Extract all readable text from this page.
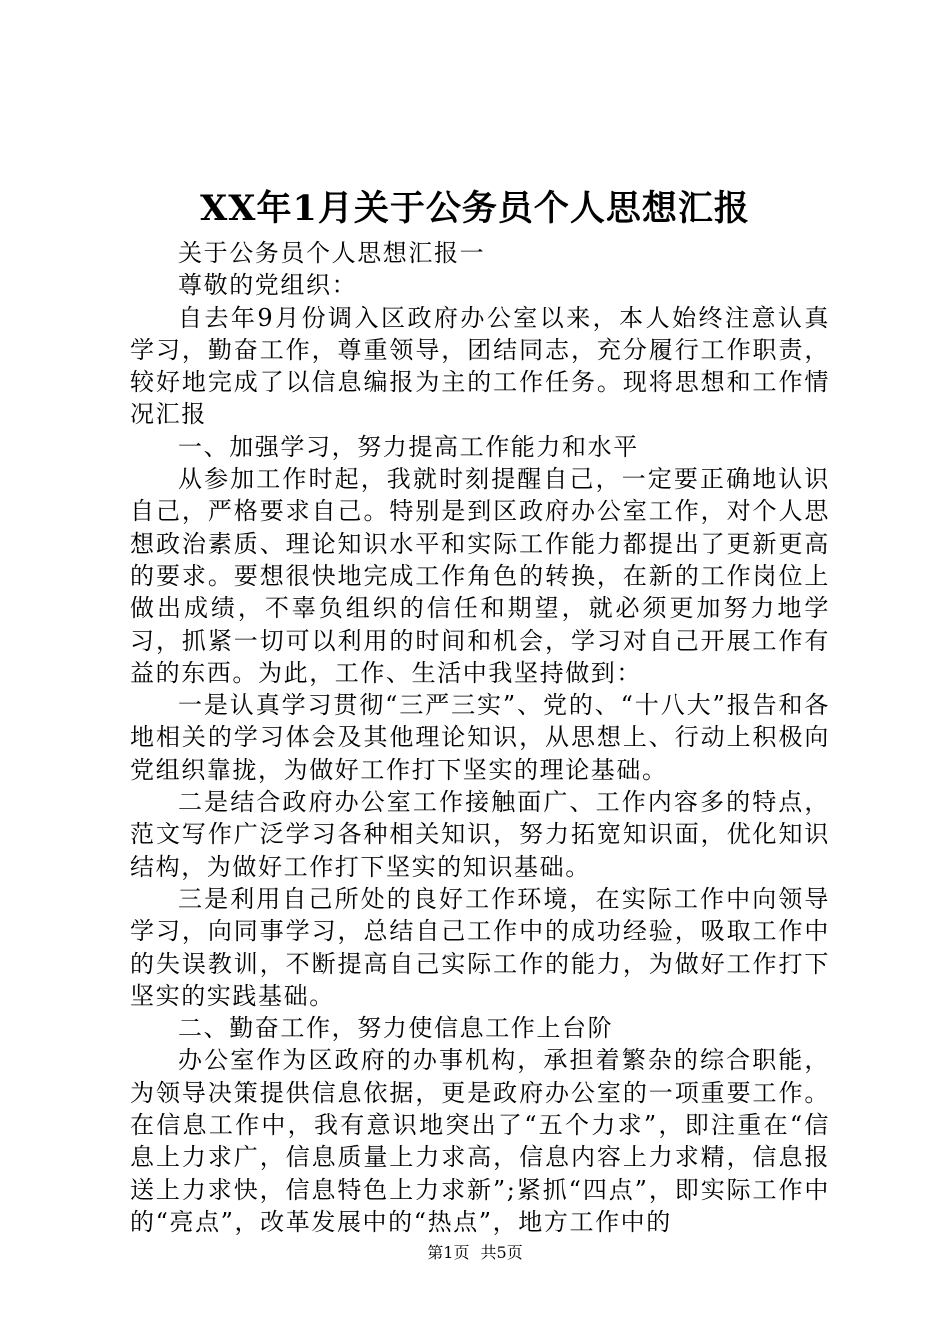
XX年1月关于公务员个人思想汇报

关于公务员个人思想汇报一

尊敬的党组织：

自去年9月份调入区政府办公室以来，本人始终注意认真学习，勤奋工作，尊重领导，团结同志，充分履行工作职责，较好地完成了以信息编报为主的工作任务。现将思想和工作情况汇报

一、加强学习，努力提高工作能力和水平

从参加工作时起，我就时刻提醒自己，一定要正确地认识自己，严格要求自己。特别是到区政府办公室工作，对个人思想政治素质、理论知识水平和实际工作能力都提出了更新更高的要求。要想很快地完成工作角色的转换，在新的工作岗位上做出成绩，不辜负组织的信任和期望，就必须更加努力地学习，抓紧一切可以利用的时间和机会，学习对自己开展工作有益的东西。为此，工作、生活中我坚持做到：

一是认真学习贯彻“三严三实”、党的、“十八大”报告和各地相关的学习体会及其他理论知识，从思想上、行动上积极向党组织靠拢，为做好工作打下坚实的理论基础。

二是结合政府办公室工作接触面广、工作内容多的特点，范文写作广泛学习各种相关知识，努力拓宽知识面，优化知识结构，为做好工作打下坚实的知识基础。

三是利用自己所处的良好工作环境，在实际工作中向领导学习，向同事学习，总结自己工作中的成功经验，吸取工作中的失误教训，不断提高自己实际工作的能力，为做好工作打下坚实的实践基础。

二、勤奋工作，努力使信息工作上台阶

办公室作为区政府的办事机构，承担着繁杂的综合职能，为领导决策提供信息依据，更是政府办公室的一项重要工作。在信息工作中，我有意识地突出了“五个力求”，即注重在“信息上力求广，信息质量上力求高，信息内容上力求精，信息报送上力求快，信息特色上力求新”;紧抓“四点”，即实际工作中的“亮点”，改革发展中的“热点”，地方工作中的

第1页 共5页
